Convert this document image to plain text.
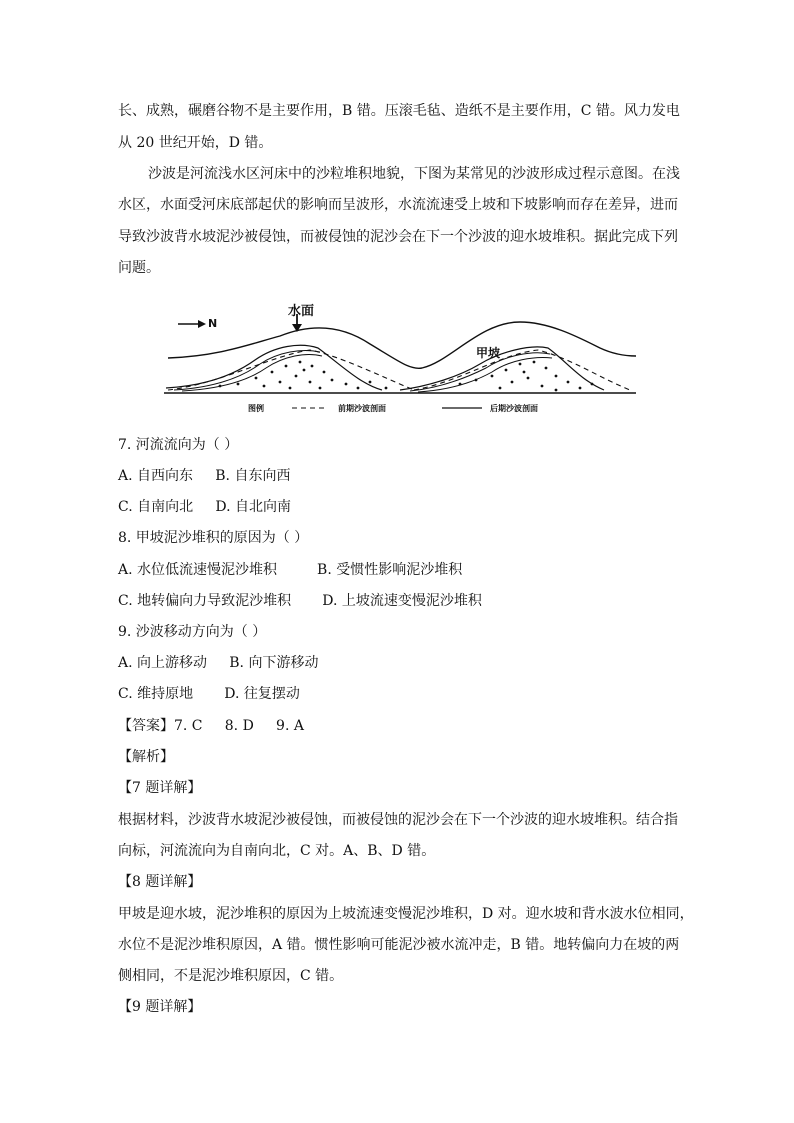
长、成熟，碾磨谷物不是主要作用，B 错。压滚毛毡、造纸不是主要作用，C 错。风力发电
从 20 世纪开始，D 错。
沙波是河流浅水区河床中的沙粒堆积地貌，下图为某常见的沙波形成过程示意图。在浅
水区，水面受河床底部起伏的影响而呈波形，水流流速受上坡和下坡影响而存在差异，进而
导致沙波背水坡泥沙被侵蚀，而被侵蚀的泥沙会在下一个沙波的迎水坡堆积。据此完成下列
问题。
水面
N
甲坡
图例	前期沙波剖面	后期沙波剖面
7. 河流流向为（ ）
A. 自西向东     B. 自东向西
C. 自南向北     D. 自北向南
8. 甲坡泥沙堆积的原因为（ ）
A. 水位低流速慢泥沙堆积         B. 受惯性影响泥沙堆积
C. 地转偏向力导致泥沙堆积       D. 上坡流速变慢泥沙堆积
9. 沙波移动方向为（ ）
A. 向上游移动     B. 向下游移动
C. 维持原地       D. 往复摆动
【答案】7. C     8. D     9. A
【解析】
【7 题详解】
根据材料，沙波背水坡泥沙被侵蚀，而被侵蚀的泥沙会在下一个沙波的迎水坡堆积。结合指
向标，河流流向为自南向北，C 对。A、B、D 错。
【8 题详解】
甲坡是迎水坡，泥沙堆积的原因为上坡流速变慢泥沙堆积，D 对。迎水坡和背水波水位相同，
水位不是泥沙堆积原因，A 错。惯性影响可能泥沙被水流冲走，B 错。地转偏向力在坡的两
侧相同，不是泥沙堆积原因，C 错。
【9 题详解】
